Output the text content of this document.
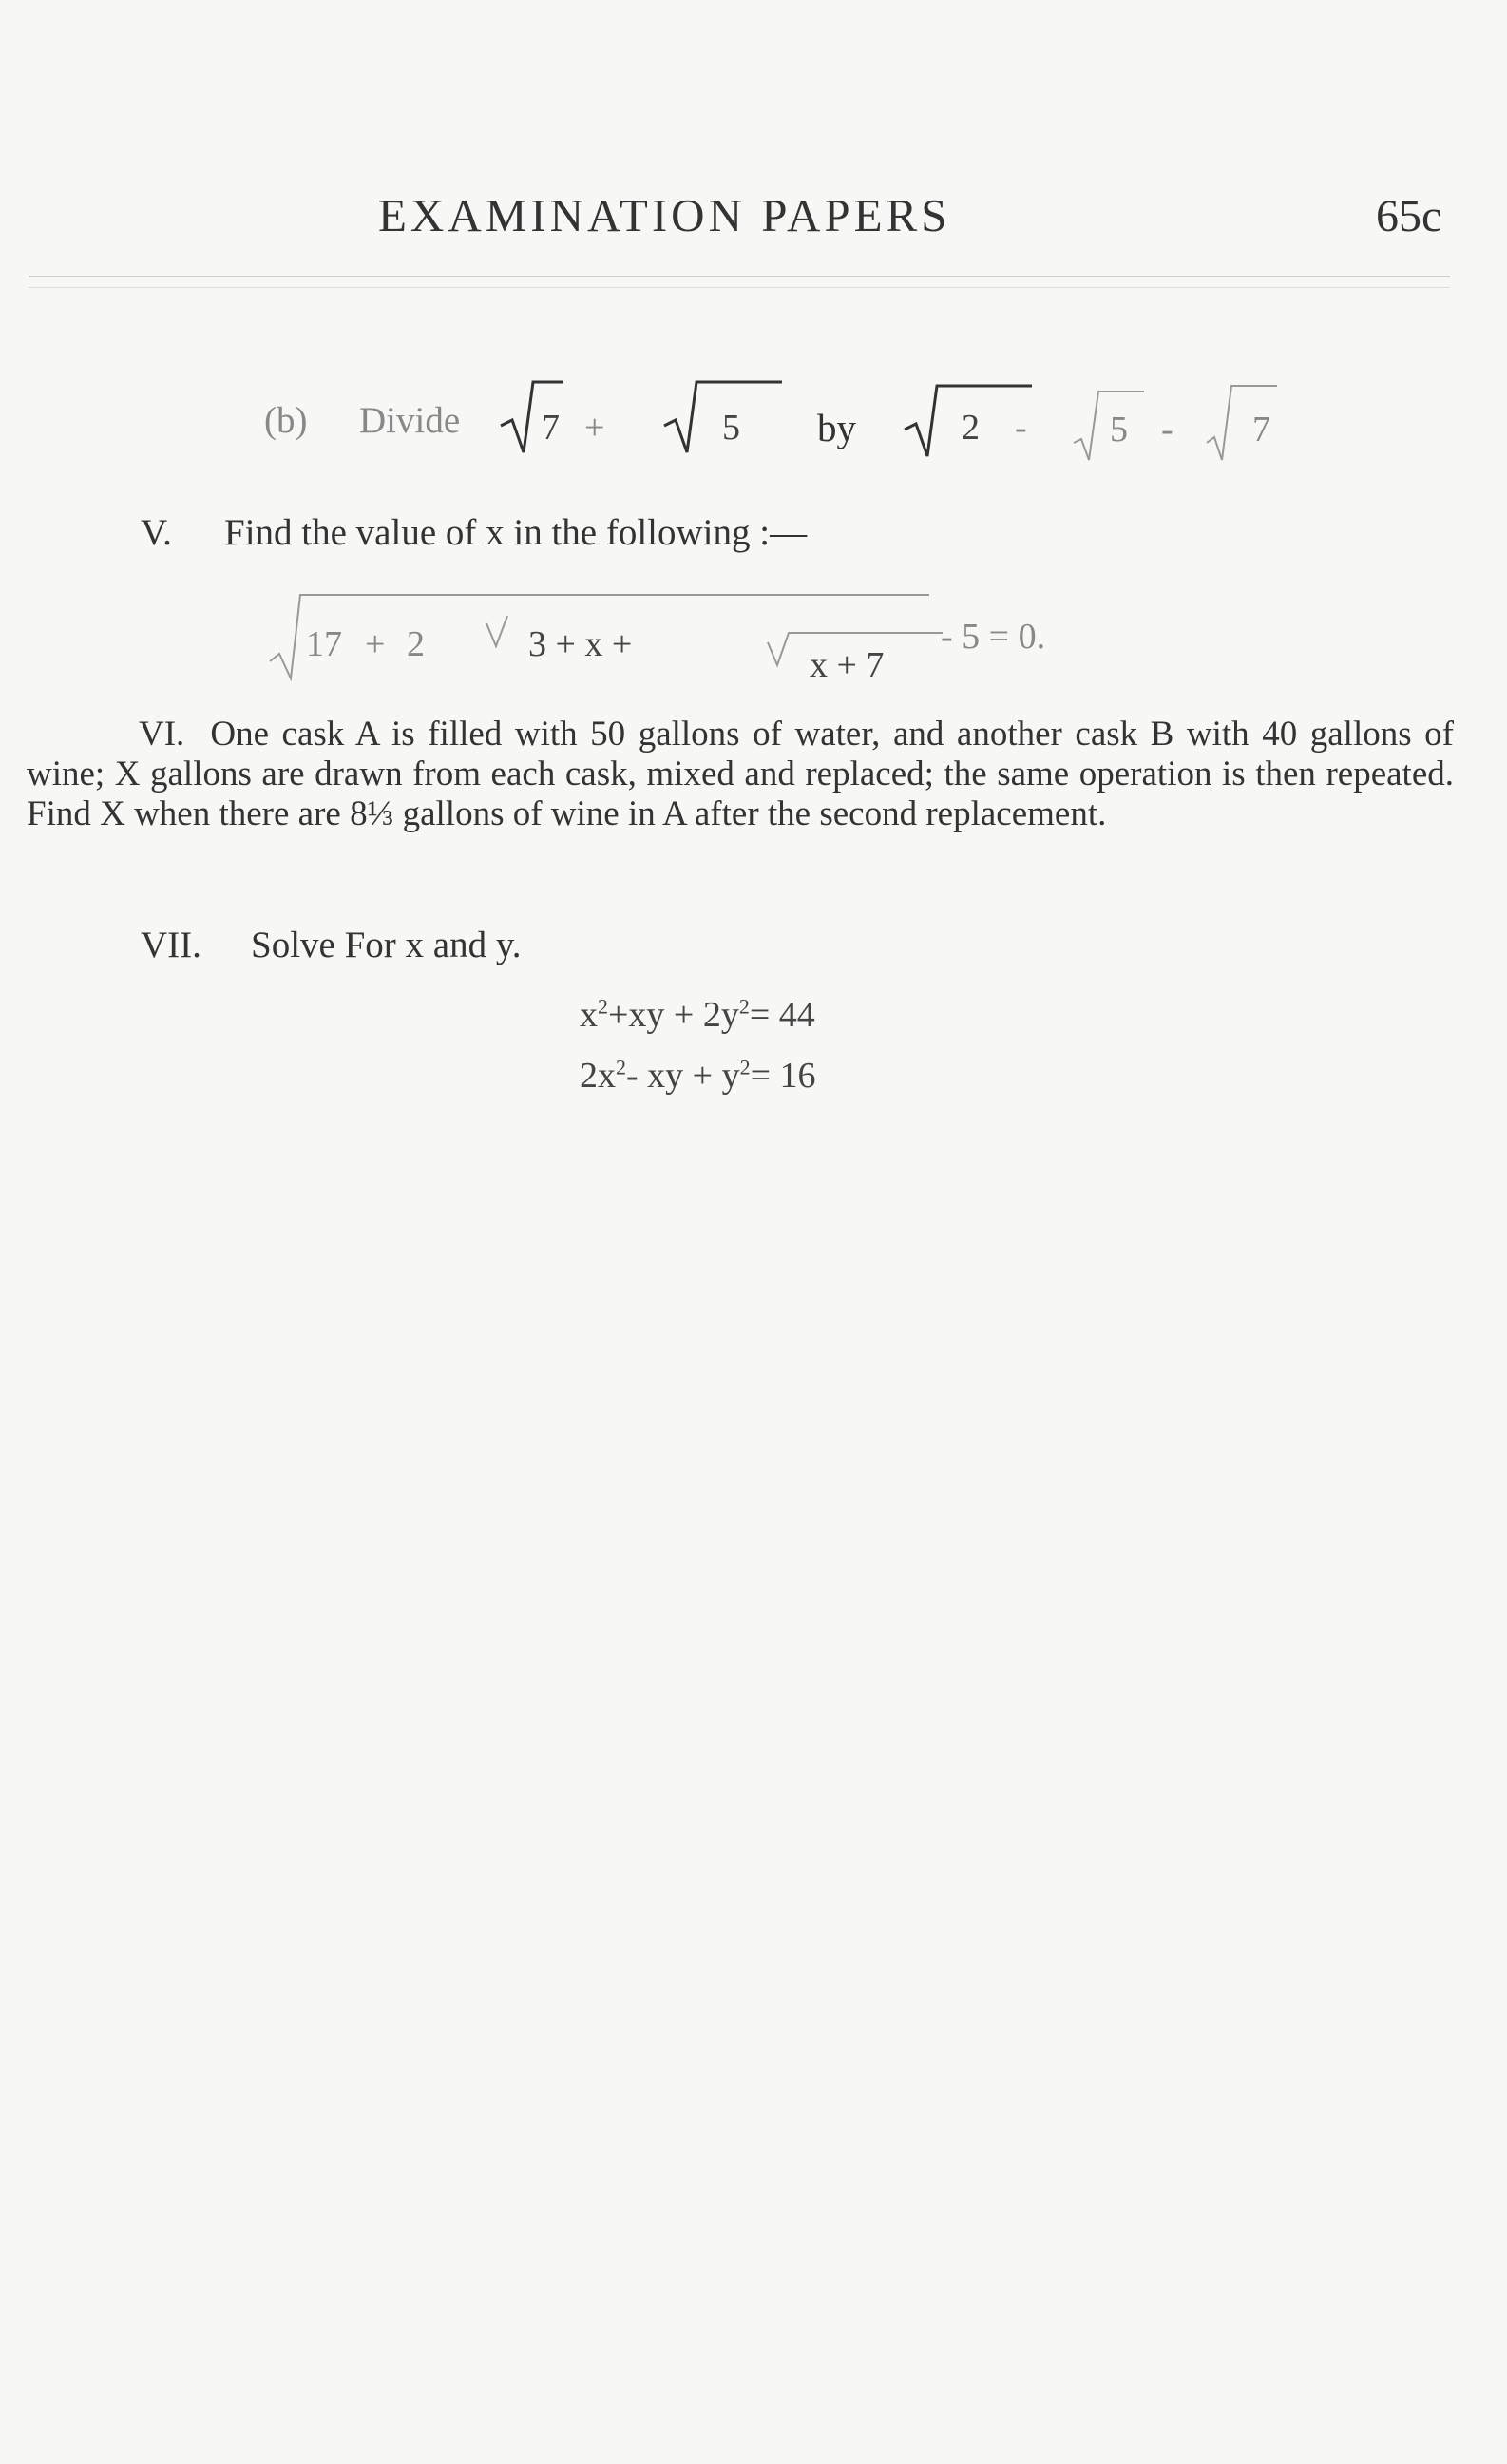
EXAMINATION PAPERS	65c
(b) Divide 7 +	5 by	2 - 5 - 7
V. Find the value of x in the following :—
17 + 2	3 + x +
x + 7
- 5 = 0.
VI. One cask A is filled with 50 gallons of water, and another cask B with 40 gallons of wine; X gallons are drawn from each cask, mixed and replaced; the same operation is then repeated. Find X when there are 8⅓ gallons of wine in A after the second replacement.
VII. Solve For x and y.
$x^2+xy + 2y^2= 44$
$2x^2-$ xy + $y^2= 16$
